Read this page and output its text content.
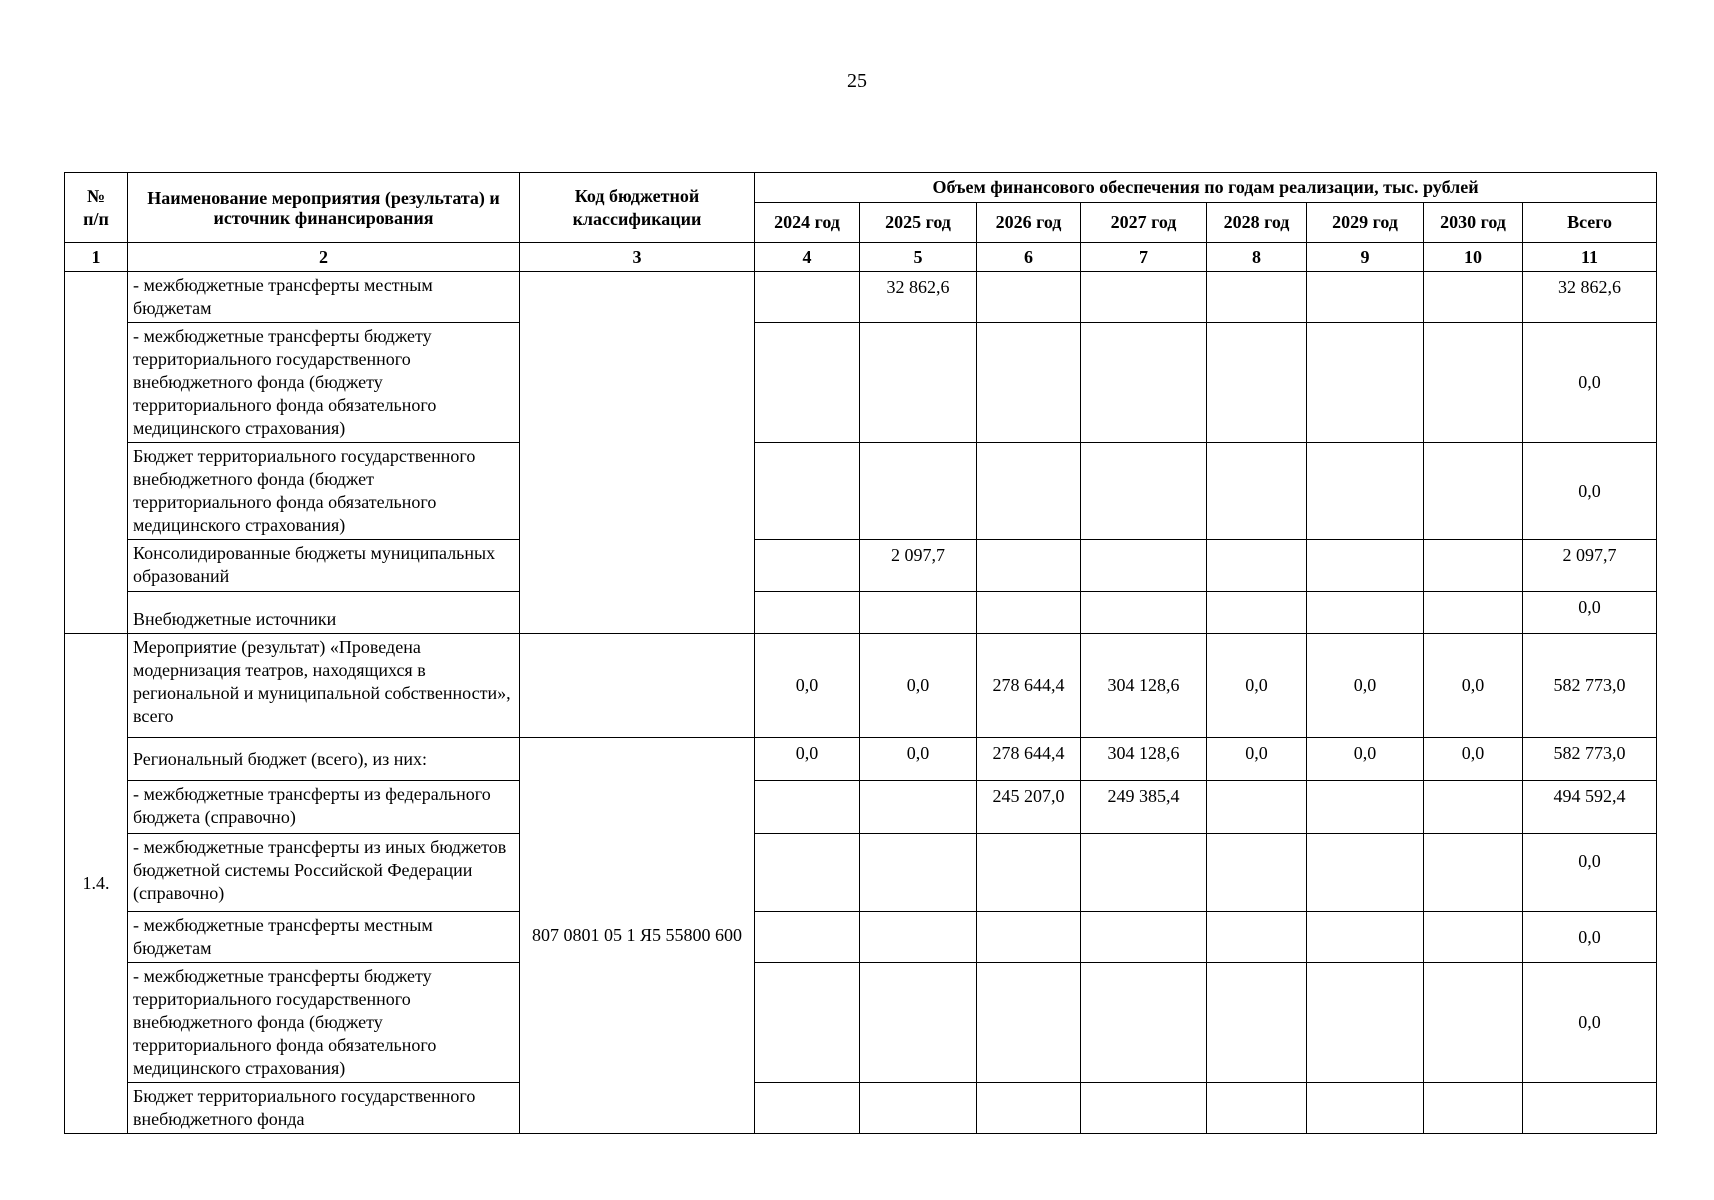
25
№
п/п	Наименование мероприятия (результата) и источник финансирования	Код бюджетной классификации	Объем финансового обеспечения по годам реализации, тыс. рублей								
			2024 год	2025 год	2026 год	2027 год	2028 год	2029 год	2030 год	Всего	
1	2	3	4	5	6	7	8	9	10	11	
	- межбюджетные трансферты местным бюджетам			32 862,6						32 862,6	
	- межбюджетные трансферты бюджету территориального государственного внебюджетного фонда (бюджету территориального фонда обязательного медицинского страхования)									0,0	
	Бюджет территориального государственного внебюджетного фонда (бюджет территориального фонда обязательного медицинского страхования)									0,0	
	Консолидированные бюджеты муниципальных образований			2 097,7						2 097,7	
	Внебюджетные источники									0,0	
1.4.	Мероприятие (результат) «Проведена модернизация театров, находящихся в региональной и муниципальной собственности», всего		0,0	0,0	278 644,4	304 128,6	0,0	0,0	0,0	582 773,0	
	Региональный бюджет (всего), из них:	807 0801 05 1 Я5 55800 600	0,0	0,0	278 644,4	304 128,6	0,0	0,0	0,0	582 773,0	
	- межбюджетные трансферты из федерального бюджета (справочно)				245 207,0	249 385,4				494 592,4	
	- межбюджетные трансферты из иных бюджетов бюджетной системы Российской Федерации (справочно)									0,0	
	- межбюджетные трансферты местным бюджетам									0,0	
	- межбюджетные трансферты бюджету территориального государственного внебюджетного фонда (бюджету территориального фонда обязательного медицинского страхования)									0,0	
	Бюджет территориального государственного внебюджетного фонда									
